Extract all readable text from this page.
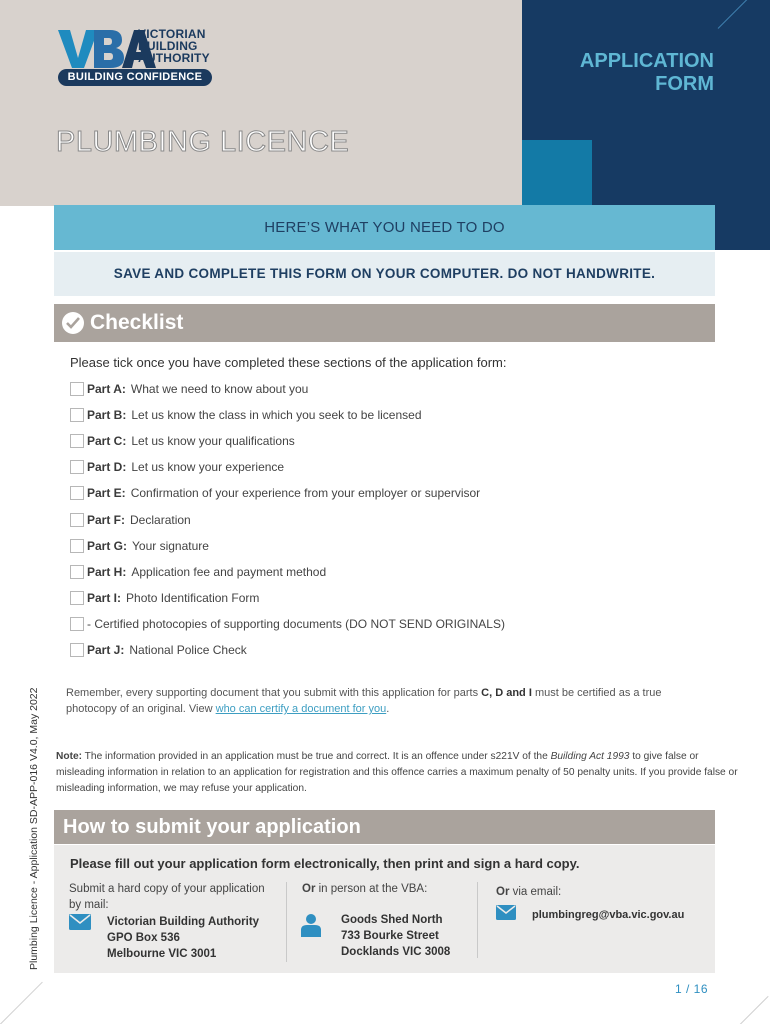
VICTORIAN
BUILDING
AUTHORITY
BUILDING CONFIDENCE
APPLICATION
FORM
PLUMBING LICENCE
HERE’S WHAT YOU NEED TO DO
SAVE AND COMPLETE THIS FORM ON YOUR COMPUTER. DO NOT HANDWRITE.
Checklist
Please tick once you have completed these sections of the application form:
Part A: What we need to know about you
Part B: Let us know the class in which you seek to be licensed
Part C: Let us know your qualifications
Part D: Let us know your experience
Part E: Confirmation of your experience from your employer or supervisor
Part F: Declaration
Part G: Your signature
Part H: Application fee and payment method
Part I: Photo Identification Form
- Certified photocopies of supporting documents (DO NOT SEND ORIGINALS)
Part J: National Police Check
Remember, every supporting document that you submit with this application for parts C, D and I must be certified as a true photocopy of an original. View who can certify a document for you.
Note: The information provided in an application must be true and correct. It is an offence under s221V of the Building Act 1993 to give false or misleading information in relation to an application for registration and this offence carries a maximum penalty of 50 penalty units. If you provide false or misleading information, we may refuse your application.
How to submit your application
Please fill out your application form electronically, then print and sign a hard copy.
Submit a hard copy of your application by mail:
Victorian Building Authority
GPO Box 536
Melbourne VIC 3001
Or in person at the VBA:
Goods Shed North
733 Bourke Street
Docklands VIC 3008
Or via email:
plumbingreg@vba.vic.gov.au
Plumbing Licence - Application SD-APP-016 V4.0, May 2022
1 / 16
